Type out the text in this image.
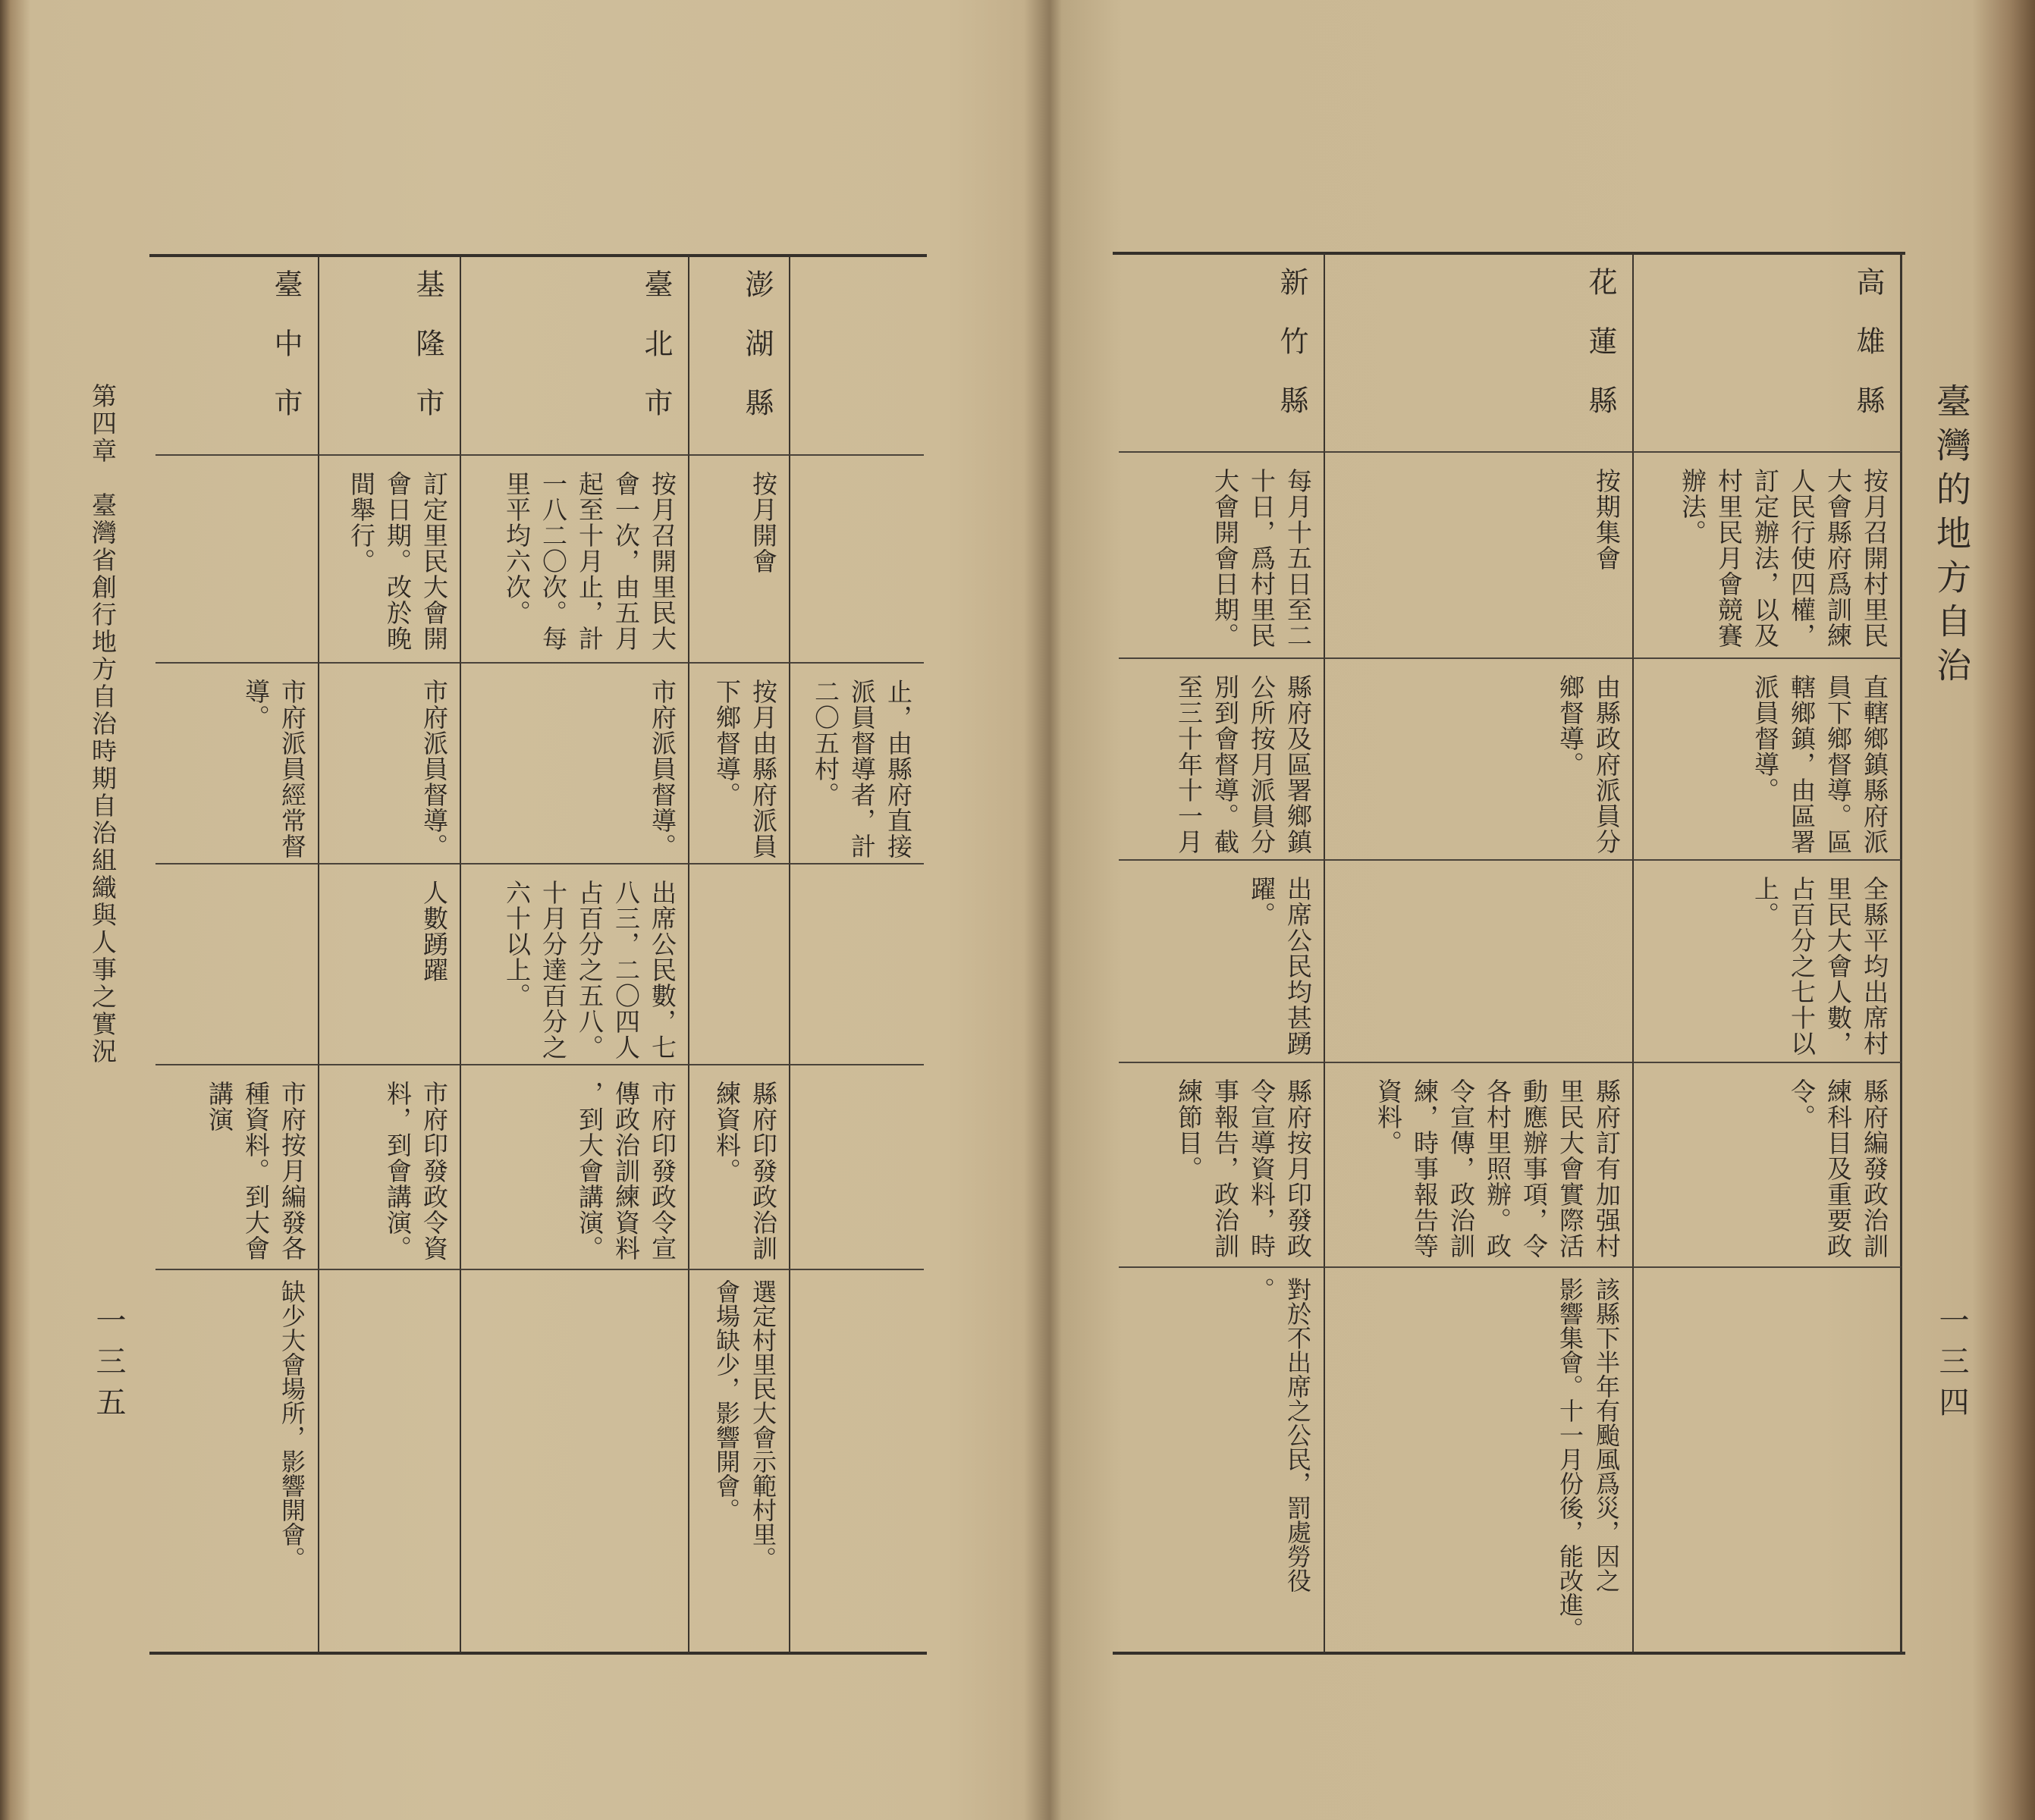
臺灣的地方自治
一三四
第四章　臺灣省創行地方自治時期自治組織與人事之實況
一三五
止，由縣府直接
派員督導者，計
二〇五村。
澎湖縣
按月開會
按月由縣府派員
下鄉督導。
縣府印發政治訓
練資料。
選定村里民大會示範村里。
會場缺少，影響開會。
臺北市
按月召開里民大
會一次，由五月
起至十月止，計
一八二〇次。每
里平均六次。
市府派員督導。
出席公民數，七
八三，二〇四人
占百分之五八。
十月分達百分之
六十以上。
市府印發政令宣
傳政治訓練資料
，到大會講演。
基隆市
訂定里民大會開
會日期。改於晚
間舉行。
市府派員督導。
人數踴躍
市府印發政令資
料，到會講演。
臺中市
市府派員經常督
導。
市府按月編發各
種資料。到大會
講演
缺少大會場所，影響開會。
高雄縣
按月召開村里民
大會縣府爲訓練
人民行使四權，
訂定辦法，以及
村里民月會競賽
辦法。
直轄鄉鎮縣府派
員下鄉督導。區
轄鄉鎮，由區署
派員督導。
全縣平均出席村
里民大會人數，
占百分之七十以
上。
縣府編發政治訓
練科目及重要政
令。
花蓮縣
按期集會
由縣政府派員分
鄉督導。
縣府訂有加强村
里民大會實際活
動應辦事項，令
各村里照辦。政
令宣傳，政治訓
練，時事報告等
資料。
該縣下半年有颱風爲災，因之
影響集會。十一月份後，能改進。
新竹縣
每月十五日至二
十日，爲村里民
大會開會日期。
縣府及區署鄉鎮
公所按月派員分
別到會督導。截
至三十年十一月
出席公民均甚踴
躍。
縣府按月印發政
令宣導資料，時
事報告，政治訓
練節目。
對於不出席之公民，罰處勞役
。
